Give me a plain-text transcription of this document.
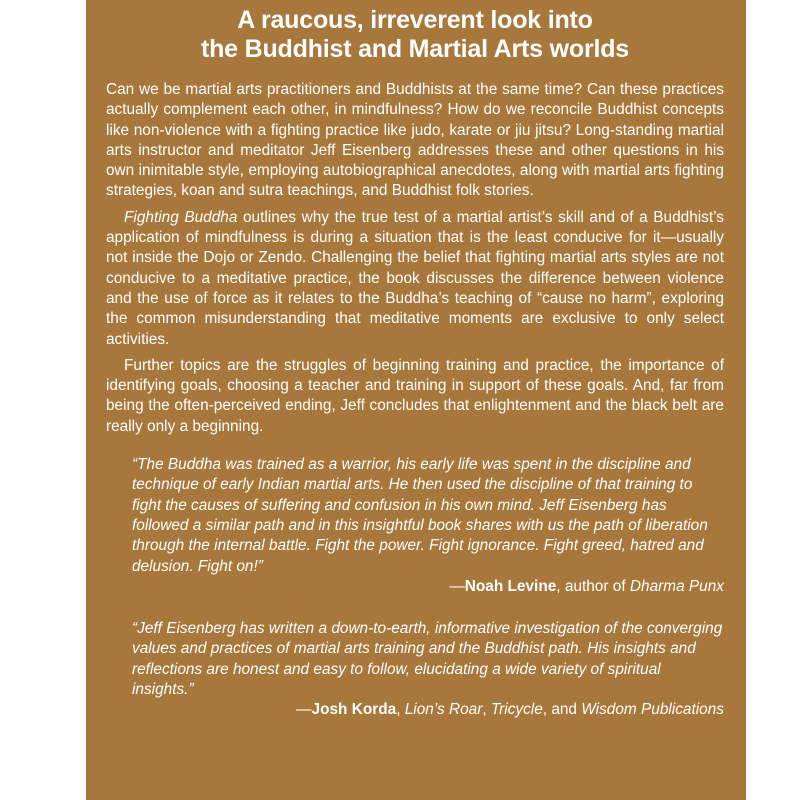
A raucous, irreverent look into
the Buddhist and Martial Arts worlds

Can we be martial arts practitioners and Buddhists at the same time? Can these practices actually complement each other, in mindfulness? How do we reconcile Buddhist concepts like non-violence with a fighting practice like judo, karate or jiu jitsu? Long-standing martial arts instructor and meditator Jeff Eisenberg addresses these and other questions in his own inimitable style, employing autobiographical anecdotes, along with martial arts fighting strategies, koan and sutra teachings, and Buddhist folk stories.

Fighting Buddha outlines why the true test of a martial artist’s skill and of a Buddhist’s application of mindfulness is during a situation that is the least conducive for it—usually not inside the Dojo or Zendo. Challenging the belief that fighting martial arts styles are not conducive to a meditative practice, the book discusses the difference between violence and the use of force as it relates to the Buddha’s teaching of “cause no harm”, exploring the common misunderstanding that meditative moments are exclusive to only select activities.

Further topics are the struggles of beginning training and practice, the importance of identifying goals, choosing a teacher and training in support of these goals. And, far from being the often-perceived ending, Jeff concludes that enlightenment and the black belt are really only a beginning.

“The Buddha was trained as a warrior, his early life was spent in the discipline and technique of early Indian martial arts. He then used the discipline of that training to fight the causes of suffering and confusion in his own mind. Jeff Eisenberg has followed a similar path and in this insightful book shares with us the path of liberation through the internal battle. Fight the power. Fight ignorance. Fight greed, hatred and delusion. Fight on!”

—Noah Levine, author of Dharma Punx

“Jeff Eisenberg has written a down-to-earth, informative investigation of the converging values and practices of martial arts training and the Buddhist path. His insights and reflections are honest and easy to follow, elucidating a wide variety of spiritual insights.”

—Josh Korda, Lion’s Roar, Tricycle, and Wisdom Publications
